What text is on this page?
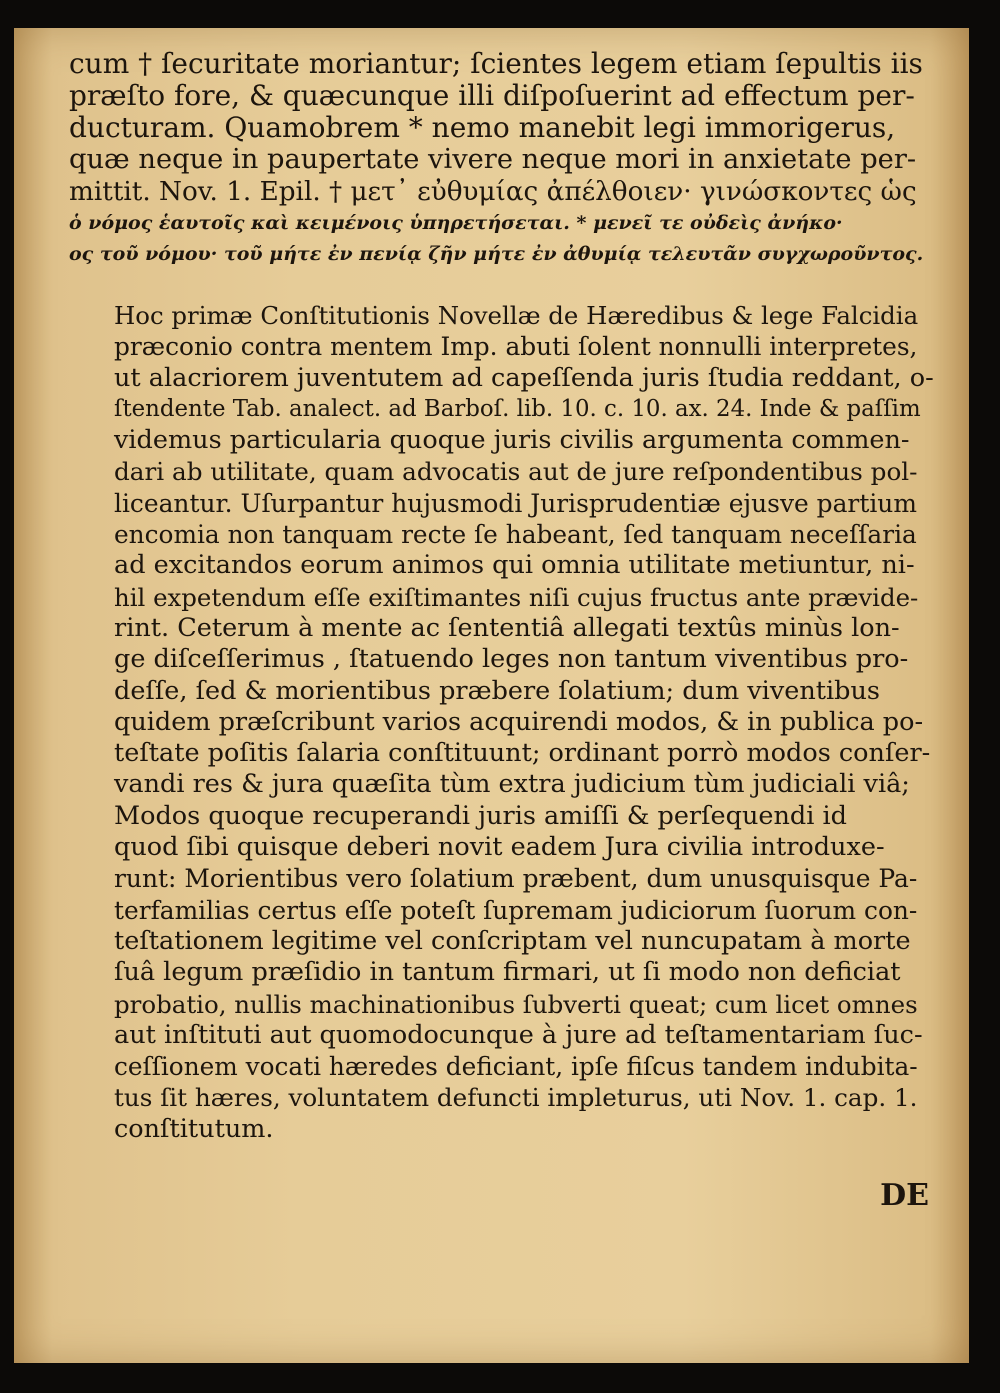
cum † ſecuritate moriantur; ſcientes legem etiam ſepultis iis
præſto fore, & quæcunque illi diſpoſuerint ad effectum per-
ducturam. Quamobrem * nemo manebit legi immorigerus,
quæ neque in paupertate vivere neque mori in anxietate per-
mittit. Nov. 1. Epil. † μετ᾽ εὐθυμίας ἀπέλθοιεν· γινώσκοντες ὡς
ὁ νόμος ἑαυτοῖς καὶ κειμένοις ὑπηρετήσεται. * μενεῖ τε οὐδεὶς ἀνήκο·
ος τοῦ νόμου· τοῦ μήτε ἐν πενίᾳ ζῆν μήτε ἐν ἀθυμίᾳ τελευτᾶν συγχωροῦντος.
Hoc primæ Conſtitutionis Novellæ de Hæredibus & lege Falcidia
præconio contra mentem Imp. abuti ſolent nonnulli interpretes,
ut alacriorem juventutem ad capeſſenda juris ſtudia reddant, o-
ſtendente Tab. analect. ad Barboſ. lib. 10. c. 10. ax. 24. Inde & paſſim
videmus particularia quoque juris civilis argumenta commen-
dari ab utilitate, quam advocatis aut de jure reſpondentibus pol-
liceantur. Uſurpantur hujusmodi Jurisprudentiæ ejusve partium
encomia non tanquam recte ſe habeant, ſed tanquam neceſſaria
ad excitandos eorum animos qui omnia utilitate metiuntur, ni-
hil expetendum eſſe exiſtimantes niſi cujus fructus ante prævide-
rint. Ceterum à mente ac ſententiâ allegati textûs minùs lon-
ge diſceſſerimus , ſtatuendo leges non tantum viventibus pro-
deſſe, ſed & morientibus præbere ſolatium; dum viventibus
quidem præſcribunt varios acquirendi modos, & in publica po-
teſtate poſitis ſalaria conſtituunt; ordinant porrò modos conſer-
vandi res & jura quæſita tùm extra judicium tùm judiciali viâ;
Modos quoque recuperandi juris amiſſi & perſequendi id
quod ſibi quisque deberi novit eadem Jura civilia introduxe-
runt: Morientibus vero ſolatium præbent, dum unusquisque Pa-
terfamilias certus eſſe poteſt ſupremam judiciorum ſuorum con-
teſtationem legitime vel conſcriptam vel nuncupatam à morte
ſuâ legum præſidio in tantum firmari, ut ſi modo non deficiat
probatio, nullis machinationibus ſubverti queat; cum licet omnes
aut inſtituti aut quomodocunque à jure ad teſtamentariam ſuc-
ceſſionem vocati hæredes deficiant, ipſe fiſcus tandem indubita-
tus ſit hæres, voluntatem defuncti impleturus, uti Nov. 1. cap. 1.
conſtitutum.
DE
